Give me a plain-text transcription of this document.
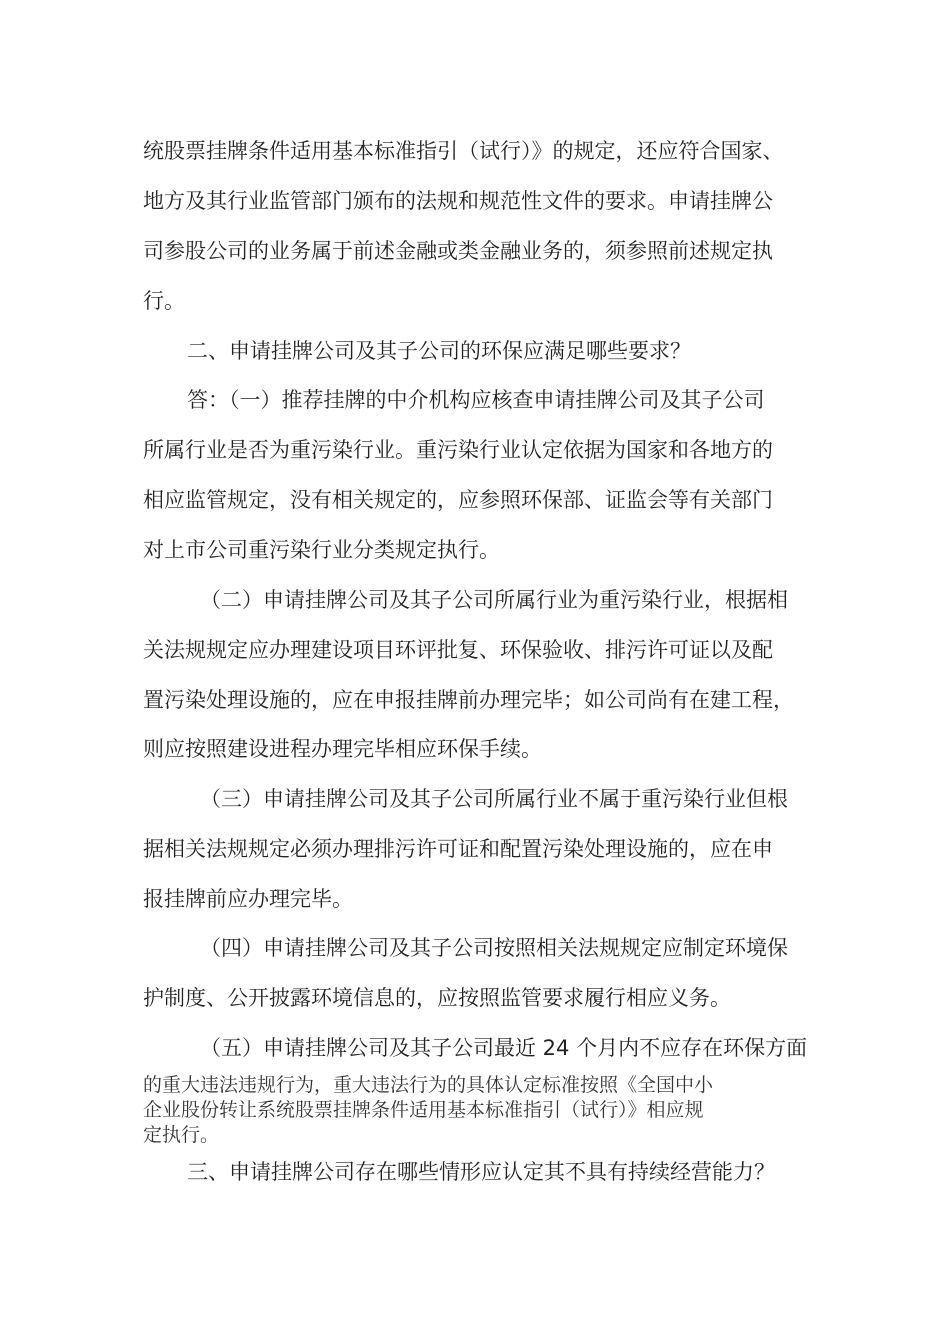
统股票挂牌条件适用基本标准指引（试行）》的规定，还应符合国家、
地方及其行业监管部门颁布的法规和规范性文件的要求。申请挂牌公
司参股公司的业务属于前述金融或类金融业务的，须参照前述规定执
行。
二、申请挂牌公司及其子公司的环保应满足哪些要求？
答：（一）推荐挂牌的中介机构应核查申请挂牌公司及其子公司
所属行业是否为重污染行业。重污染行业认定依据为国家和各地方的
相应监管规定，没有相关规定的，应参照环保部、证监会等有关部门
对上市公司重污染行业分类规定执行。
（二）申请挂牌公司及其子公司所属行业为重污染行业，根据相
关法规规定应办理建设项目环评批复、环保验收、排污许可证以及配
置污染处理设施的，应在申报挂牌前办理完毕；如公司尚有在建工程，
则应按照建设进程办理完毕相应环保手续。
（三）申请挂牌公司及其子公司所属行业不属于重污染行业但根
据相关法规规定必须办理排污许可证和配置污染处理设施的，应在申
报挂牌前应办理完毕。
（四）申请挂牌公司及其子公司按照相关法规规定应制定环境保
护制度、公开披露环境信息的，应按照监管要求履行相应义务。
（五）申请挂牌公司及其子公司最近 24 个月内不应存在环保方面
的重大违法违规行为，重大违法行为的具体认定标准按照《全国中小
企业股份转让系统股票挂牌条件适用基本标准指引（试行）》相应规
定执行。
三、申请挂牌公司存在哪些情形应认定其不具有持续经营能力？
